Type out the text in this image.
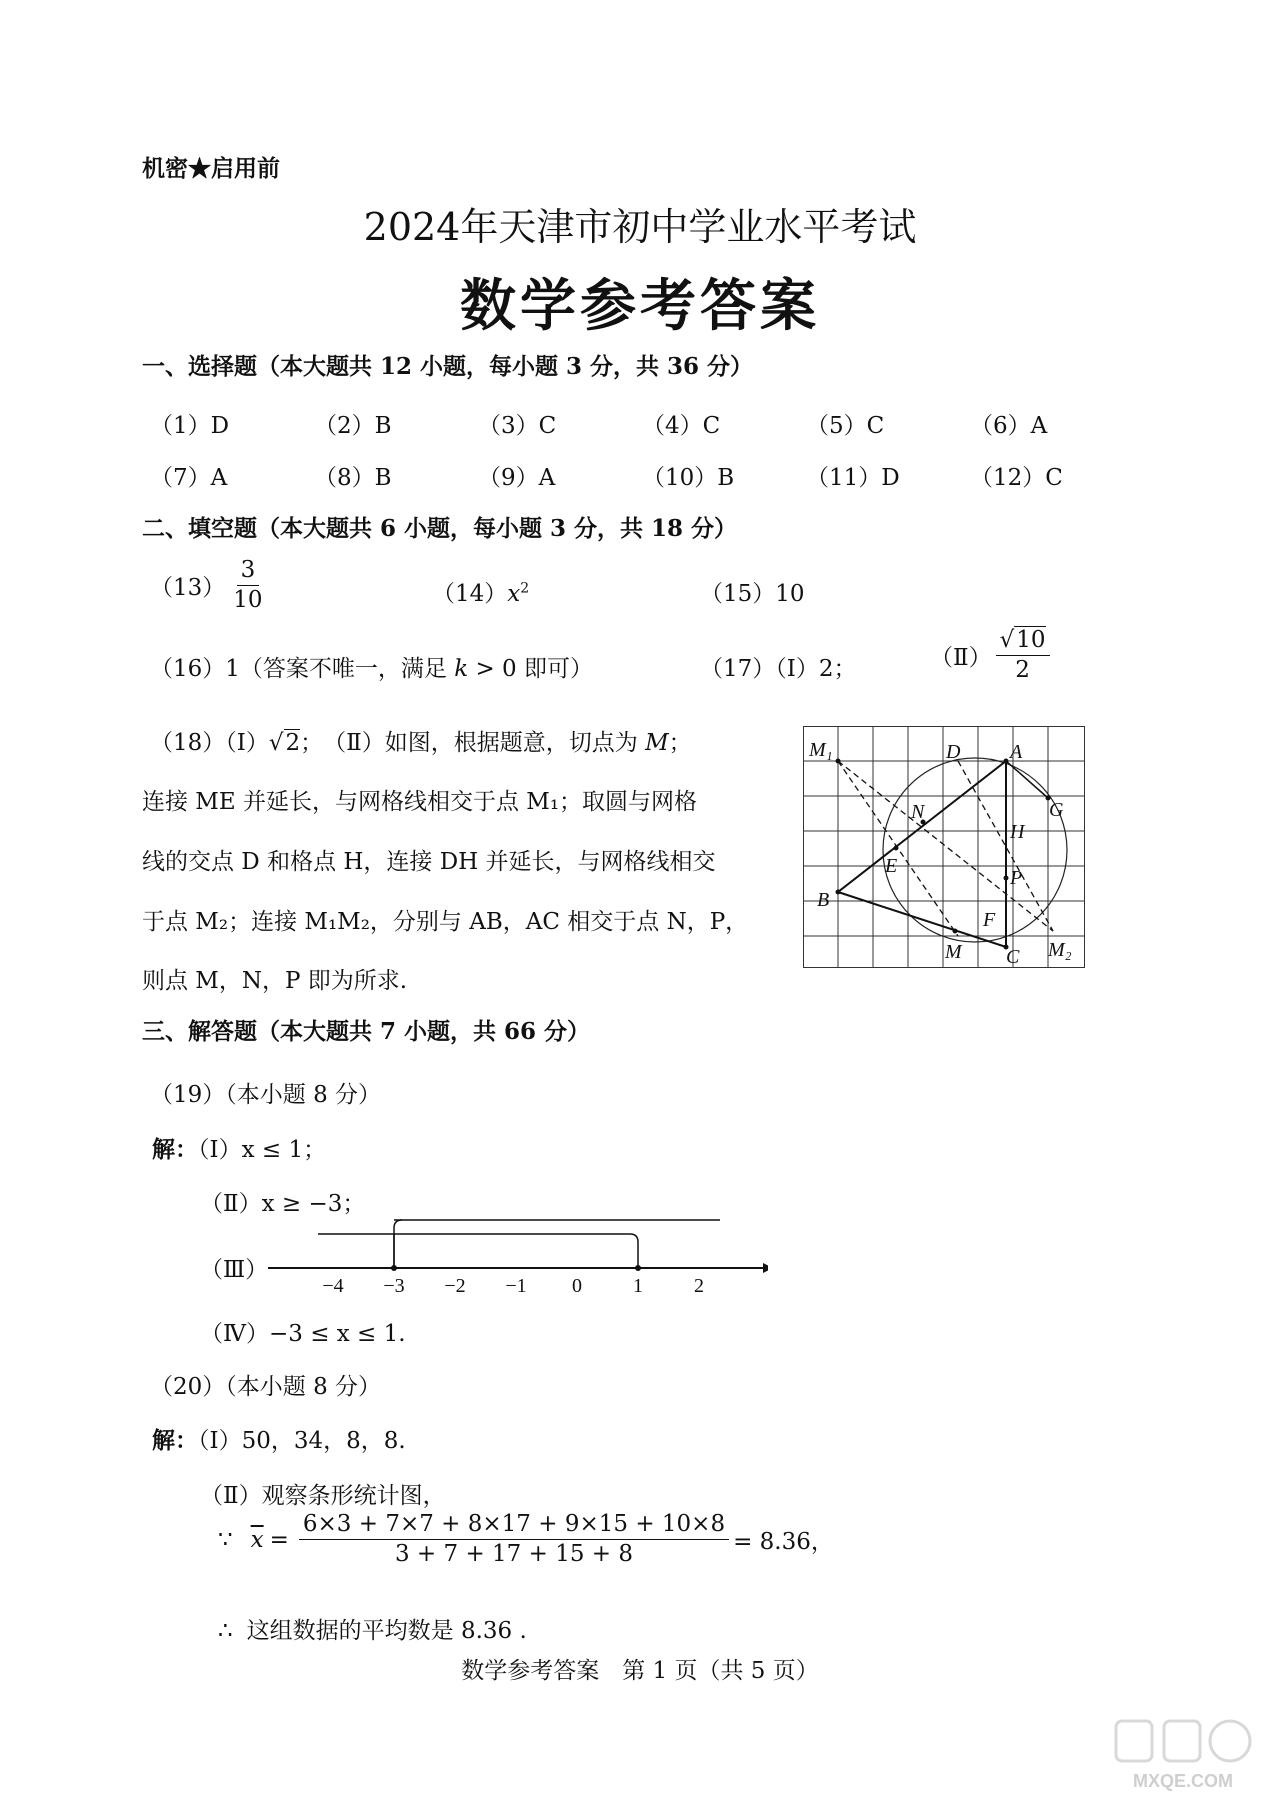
机密★启用前
2024年天津市初中学业水平考试
数学参考答案
一、选择题（本大题共 12 小题，每小题 3 分，共 36 分）
（1）D	（2）B	（3）C	（4）C	（5）C	（6）A
（7）A	（8）B	（9）A	（10）B	（11）D	（12）C
二、填空题（本大题共 6 小题，每小题 3 分，共 18 分）
$(13) \frac{3}{10}$	$(14)x^2$	（15）10
（16）1（答案不唯一，满足 k > 0 即可）	（17）（Ⅰ）2；	（Ⅱ） $\frac{√10}{2}$
（18）（Ⅰ）√2；　（Ⅱ）如图，根据题意，切点为 M；
连接 ME 并延长，与网格线相交于点 M₁；取圆与网格
线的交点 D 和格点 H，连接 DH 并延长，与网格线相交
于点 M₂；连接 M₁M₂，分别与 AB，AC 相交于点 N，P，
则点 M，N，P 即为所求.
M₁	D A
G
N
H
E
P
B
F
M C M₂
三、解答题（本大题共 7 小题，共 66 分）
（19）（本小题 8 分）
解：（Ⅰ）x ≤ 1；
（Ⅱ）x ≥ −3；
（Ⅲ）
−4 −3 −2 −1 0	1	2
（Ⅳ）−3 ≤ x ≤ 1.
（20）（本小题 8 分）
解：（Ⅰ）50，34，8，8.
（Ⅱ）观察条形统计图，
∵ $\overline{x} = \frac{6\times 3 + 7\times 7 + 8\times 17 + 9\times 15 + 10\times 8}{3 + 7 + 17 + 15 + 8} = 8.36$，
∴ 这组数据的平均数是 8.36 .
数学参考答案　第 1 页（共 5 页）
MXQE.COM
